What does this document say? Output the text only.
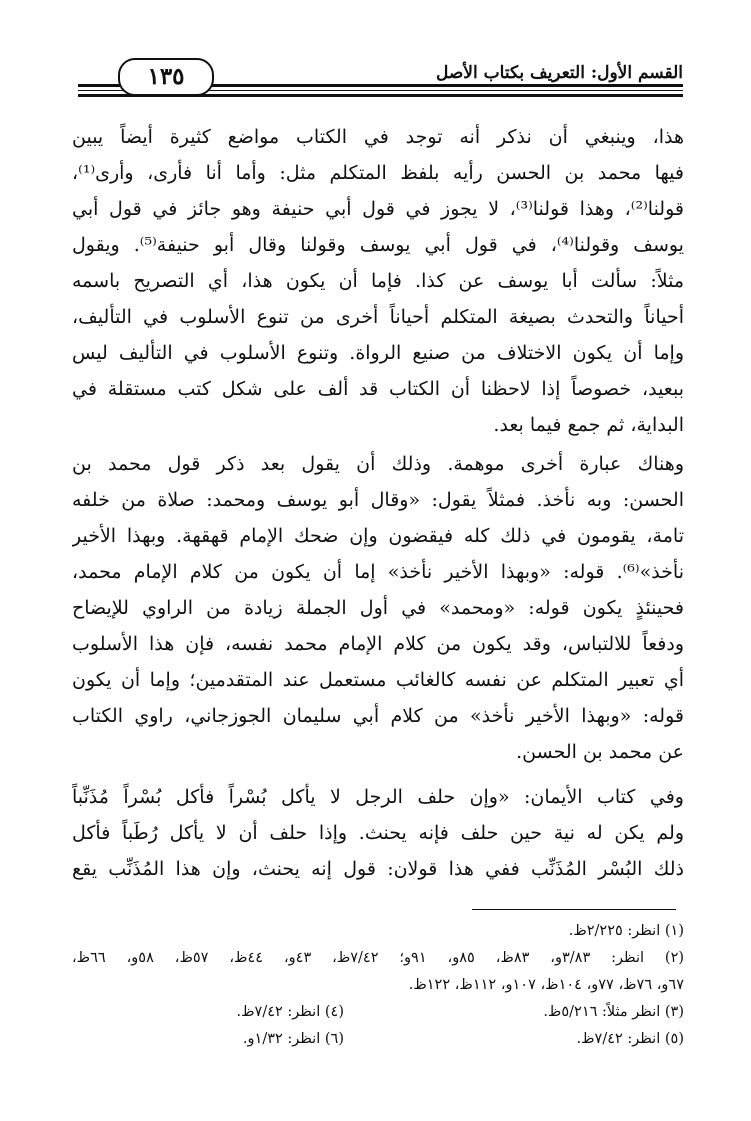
القسم الأول: التعريف بكتاب الأصل
١٣٥
هذا، وينبغي أن نذكر أنه توجد في الكتاب مواضع كثيرة أيضاً يبين
فيها محمد بن الحسن رأيه بلفظ المتكلم مثل: وأما أنا فأرى، وأرى⁽¹⁾،
قولنا⁽²⁾، وهذا قولنا⁽³⁾، لا يجوز في قول أبي حنيفة وهو جائز في قول أبي
يوسف وقولنا⁽⁴⁾، في قول أبي يوسف وقولنا وقال أبو حنيفة⁽⁵⁾. ويقول
مثلاً: سألت أبا يوسف عن كذا. فإما أن يكون هذا، أي التصريح باسمه
أحياناً والتحدث بصيغة المتكلم أحياناً أخرى من تنوع الأسلوب في التأليف،
وإما أن يكون الاختلاف من صنيع الرواة. وتنوع الأسلوب في التأليف ليس
ببعيد، خصوصاً إذا لاحظنا أن الكتاب قد ألف على شكل كتب مستقلة في
البداية، ثم جمع فيما بعد.
وهناك عبارة أخرى موهمة. وذلك أن يقول بعد ذكر قول محمد بن
الحسن: وبه نأخذ. فمثلاً يقول: «وقال أبو يوسف ومحمد: صلاة من خلفه
تامة، يقومون في ذلك كله فيقضون وإن ضحك الإمام قهقهة. وبهذا الأخير
نأخذ»⁽⁶⁾. قوله: «وبهذا الأخير نأخذ» إما أن يكون من كلام الإمام محمد،
فحينئذٍ يكون قوله: «ومحمد» في أول الجملة زيادة من الراوي للإيضاح
ودفعاً للالتباس، وقد يكون من كلام الإمام محمد نفسه، فإن هذا الأسلوب
أي تعبير المتكلم عن نفسه كالغائب مستعمل عند المتقدمين؛ وإما أن يكون
قوله: «وبهذا الأخير نأخذ» من كلام أبي سليمان الجوزجاني، راوي الكتاب
عن محمد بن الحسن.
وفي كتاب الأيمان: «وإن حلف الرجل لا يأكل بُسْراً فأكل بُسْراً مُذَنِّباً
ولم يكن له نية حين حلف فإنه يحنث. وإذا حلف أن لا يأكل رُطَباً فأكل
ذلك البُسْر المُذَنِّب ففي هذا قولان: قول إنه يحنث، وإن هذا المُذَنِّب يقع
(١) انظر: ٢/٢٢٥ظ.
(٢) انظر: ٣/٨٣و، ٨٣ظ، ٨٥و، ٩١و؛ ٧/٤٢ظ، ٤٣و، ٤٤ظ، ٥٧ظ، ٥٨و، ٦٦ظ،
٦٧و، ٧٦ظ، ٧٧و، ١٠٤ظ، ١٠٧و، ١١٢ظ، ١٢٢ظ.
(٣) انظر مثلاً: ٥/٢١٦ظ.
(٤) انظر: ٧/٤٢ظ.
(٥) انظر: ٧/٤٢ظ.
(٦) انظر: ١/٣٢و.
